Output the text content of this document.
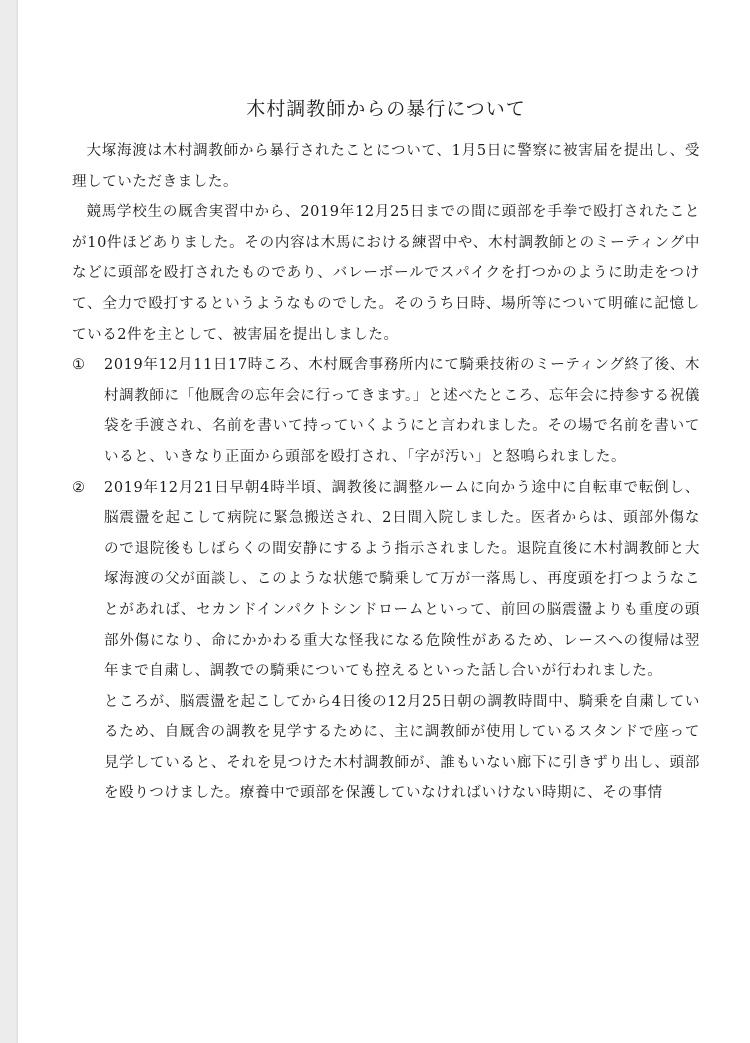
木村調教師からの暴行について

大塚海渡は木村調教師から暴行されたことについて、1月5日に警察に被害届を提出し、受理していただきました。

競馬学校生の厩舎実習中から、2019年12月25日までの間に頭部を手拳で殴打されたことが10件ほどありました。その内容は木馬における練習中や、木村調教師とのミーティング中などに頭部を殴打されたものであり、バレーボールでスパイクを打つかのように助走をつけて、全力で殴打するというようなものでした。そのうち日時、場所等について明確に記憶している2件を主として、被害届を提出しました。

①	2019年12月11日17時ころ、木村厩舎事務所内にて騎乗技術のミーティング終了後、木村調教師に「他厩舎の忘年会に行ってきます。」と述べたところ、忘年会に持参する祝儀袋を手渡され、名前を書いて持っていくようにと言われました。その場で名前を書いていると、いきなり正面から頭部を殴打され、「字が汚い」と怒鳴られました。
②	2019年12月21日早朝4時半頃、調教後に調整ルームに向かう途中に自転車で転倒し、脳震盪を起こして病院に緊急搬送され、2日間入院しました。医者からは、頭部外傷なので退院後もしばらくの間安静にするよう指示されました。退院直後に木村調教師と大塚海渡の父が面談し、このような状態で騎乗して万が一落馬し、再度頭を打つようなことがあれば、セカンドインパクトシンドロームといって、前回の脳震盪よりも重度の頭部外傷になり、命にかかわる重大な怪我になる危険性があるため、レースへの復帰は翌年まで自粛し、調教での騎乗についても控えるといった話し合いが行われました。
ところが、脳震盪を起こしてから4日後の12月25日朝の調教時間中、騎乗を自粛しているため、自厩舎の調教を見学するために、主に調教師が使用しているスタンドで座って見学していると、それを見つけた木村調教師が、誰もいない廊下に引きずり出し、頭部を殴りつけました。療養中で頭部を保護していなければいけない時期に、その事情
